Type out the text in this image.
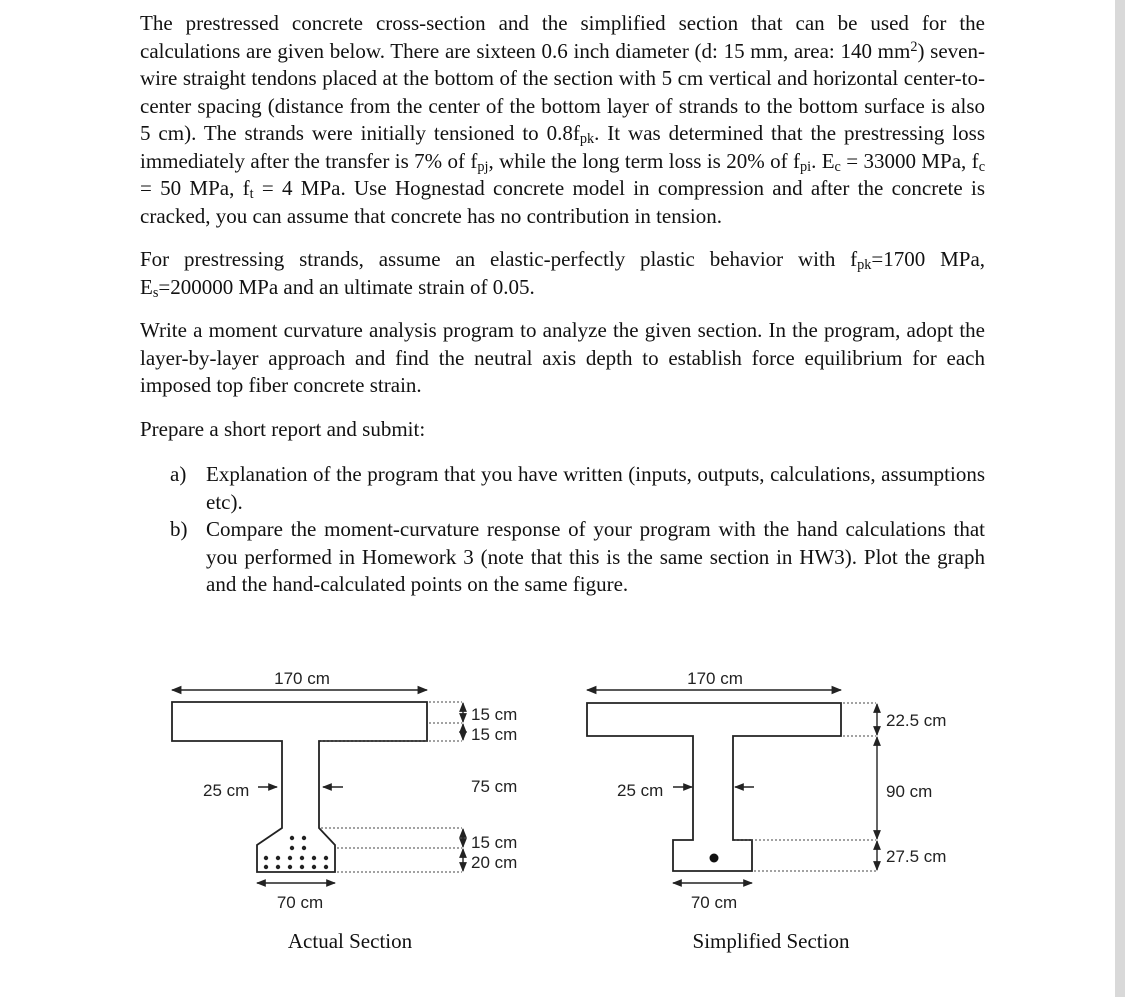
The prestressed concrete cross-section and the simplified section that can be used for the calculations are given below. There are sixteen 0.6 inch diameter (d: 15 mm, area: 140 $mm^2$) seven-wire straight tendons placed at the bottom of the section with 5 cm vertical and horizontal center-to-center spacing (distance from the center of the bottom layer of strands to the bottom surface is also 5 cm). The strands were initially tensioned to $0.8f_{pk}$. It was determined that the prestressing loss immediately after the transfer is 7% of $f_{pj}$, while the long term loss is 20% of $f_{pi}$. $E_c = 33000$ MPa, $f_c = 50$ MPa, $f_t = 4$ MPa. Use Hognestad concrete model in compression and after the concrete is cracked, you can assume that concrete has no contribution in tension.

For prestressing strands, assume an elastic-perfectly plastic behavior with $f_{pk}=1700$ MPa, $E_s=200000$ MPa and an ultimate strain of 0.05.

Write a moment curvature analysis program to analyze the given section. In the program, adopt the layer-by-layer approach and find the neutral axis depth to establish force equilibrium for each imposed top fiber concrete strain.

Prepare a short report and submit:

a) Explanation of the program that you have written (inputs, outputs, calculations, assumptions etc).
b) Compare the moment-curvature response of your program with the hand calculations that you performed in Homework 3 (note that this is the same section in HW3). Plot the graph and the hand-calculated points on the same figure.
170 cm
15 cm
15 cm
75 cm
15 cm
20 cm
25 cm
70 cm
Actual Section
170 cm
22.5 cm
90 cm
27.5 cm
25 cm
70 cm
Simplified Section
